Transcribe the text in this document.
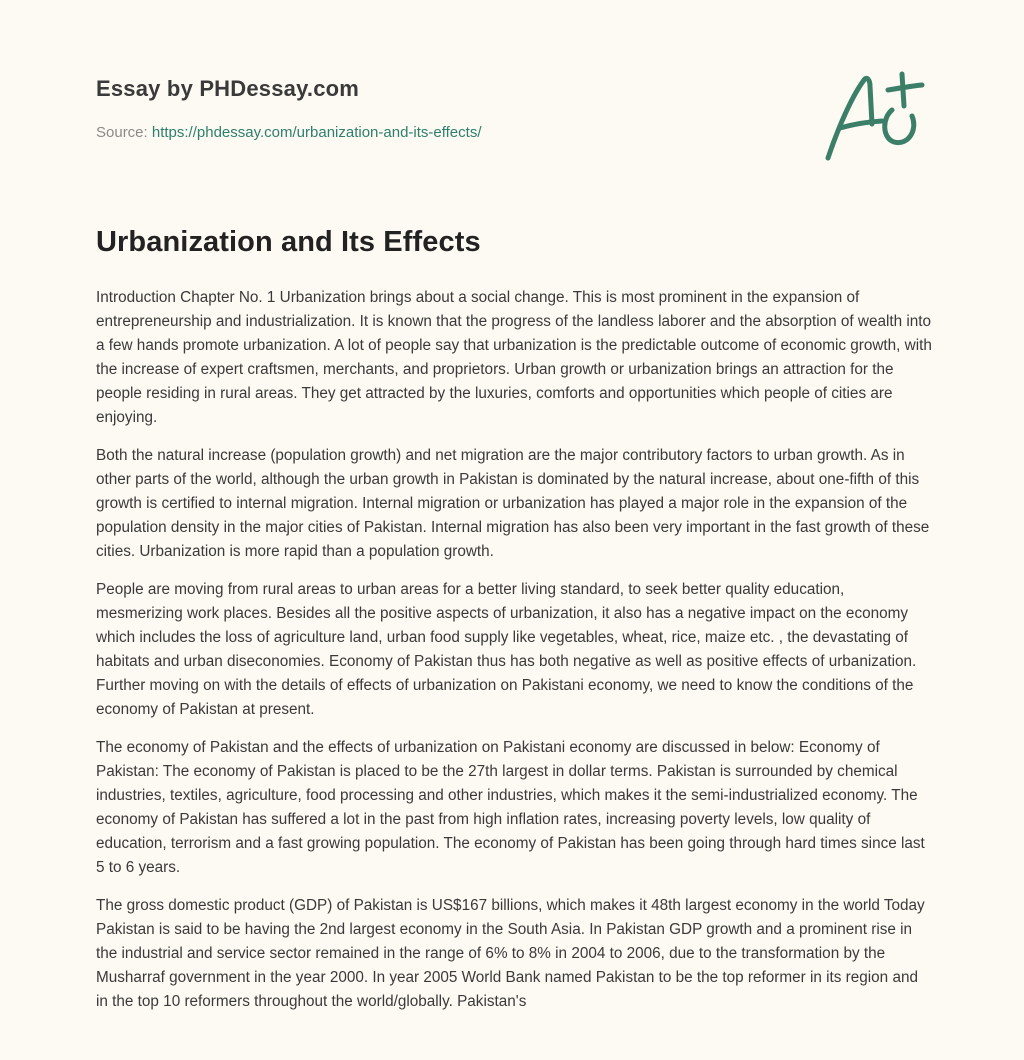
Essay by PHDessay.com
Source: https://phdessay.com/urbanization-and-its-effects/
Urbanization and Its Effects

Introduction Chapter No. 1 Urbanization brings about a social change. This is most prominent in the expansion of entrepreneurship and industrialization. It is known that the progress of the landless laborer and the absorption of wealth into a few hands promote urbanization. A lot of people say that urbanization is the predictable outcome of economic growth, with the increase of expert craftsmen, merchants, and proprietors. Urban growth or urbanization brings an attraction for the people residing in rural areas. They get attracted by the luxuries, comforts and opportunities which people of cities are enjoying.

Both the natural increase (population growth) and net migration are the major contributory factors to urban growth. As in other parts of the world, although the urban growth in Pakistan is dominated by the natural increase, about one-fifth of this growth is certified to internal migration. Internal migration or urbanization has played a major role in the expansion of the population density in the major cities of Pakistan. Internal migration has also been very important in the fast growth of these cities. Urbanization is more rapid than a population growth.

People are moving from rural areas to urban areas for a better living standard, to seek better quality education, mesmerizing work places. Besides all the positive aspects of urbanization, it also has a negative impact on the economy which includes the loss of agriculture land, urban food supply like vegetables, wheat, rice, maize etc. , the devastating of habitats and urban diseconomies. Economy of Pakistan thus has both negative as well as positive effects of urbanization. Further moving on with the details of effects of urbanization on Pakistani economy, we need to know the conditions of the economy of Pakistan at present.

The economy of Pakistan and the effects of urbanization on Pakistani economy are discussed in below: Economy of Pakistan: The economy of Pakistan is placed to be the 27th largest in dollar terms. Pakistan is surrounded by chemical industries, textiles, agriculture, food processing and other industries, which makes it the semi-industrialized economy. The economy of Pakistan has suffered a lot in the past from high inflation rates, increasing poverty levels, low quality of education, terrorism and a fast growing population. The economy of Pakistan has been going through hard times since last 5 to 6 years.

The gross domestic product (GDP) of Pakistan is US$167 billions, which makes it 48th largest economy in the world Today Pakistan is said to be having the 2nd largest economy in the South Asia. In Pakistan GDP growth and a prominent rise in the industrial and service sector remained in the range of 6% to 8% in 2004 to 2006, due to the transformation by the Musharraf government in the year 2000. In year 2005 World Bank named Pakistan to be the top reformer in its region and in the top 10 reformers throughout the world/globally. Pakistan's
